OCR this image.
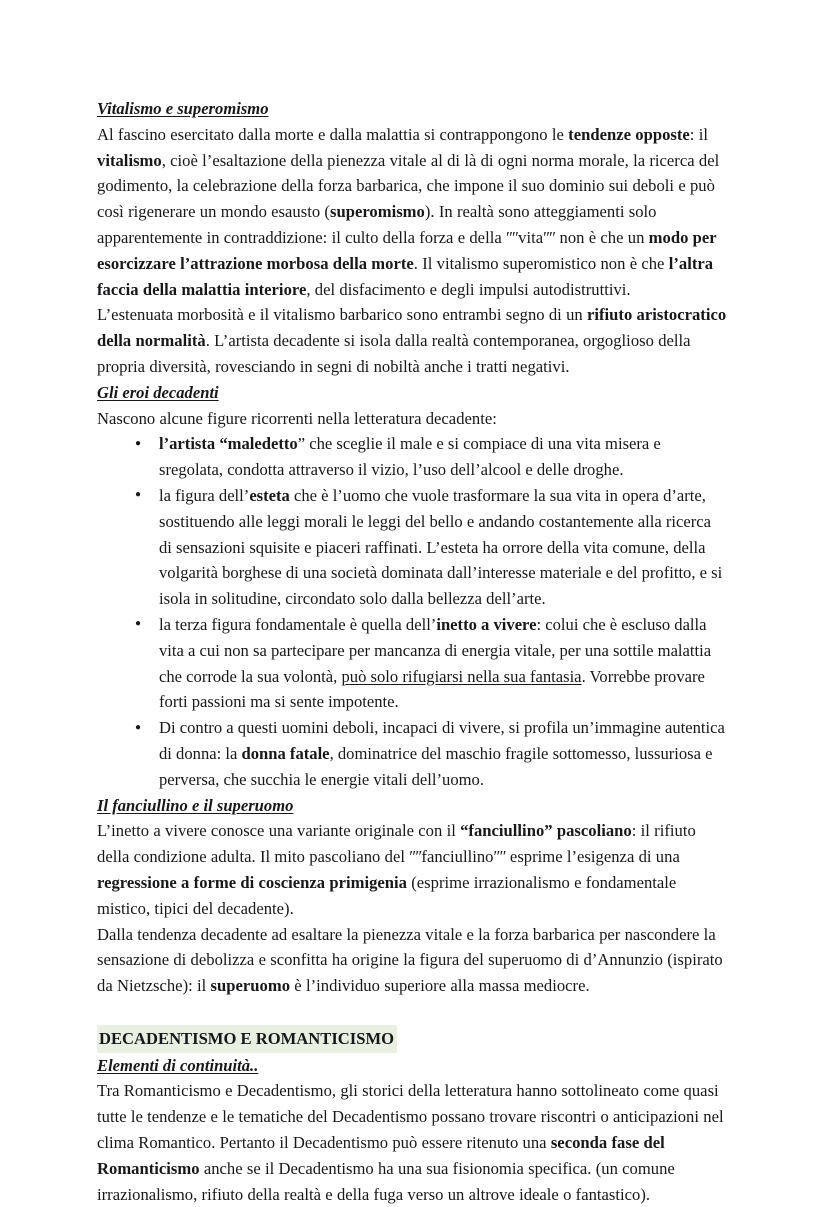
Vitalismo e superomismo

Al fascino esercitato dalla morte e dalla malattia si contrappongono le tendenze opposte: il vitalismo, cioè l’esaltazione della pienezza vitale al di là di ogni norma morale, la ricerca del godimento, la celebrazione della forza barbarica, che impone il suo dominio sui deboli e può così rigenerare un mondo esausto (superomismo). In realtà sono atteggiamenti solo apparentemente in contraddizione: il culto della forza e della ʺʺvitaʺʺ non è che un modo per esorcizzare l’attrazione morbosa della morte. Il vitalismo superomistico non è che l’altra faccia della malattia interiore, del disfacimento e degli impulsi autodistruttivi.

L’estenuata morbosità e il vitalismo barbarico sono entrambi segno di un rifiuto aristocratico della normalità. L’artista decadente si isola dalla realtà contemporanea, orgoglioso della propria diversità, rovesciando in segni di nobiltà anche i tratti negativi.

Gli eroi decadenti

Nascono alcune figure ricorrenti nella letteratura decadente:

● l’artista “maledetto” che sceglie il male e si compiace di una vita misera e sregolata, condotta attraverso il vizio, l’uso dell’alcool e delle droghe.
● la figura dell’esteta che è l’uomo che vuole trasformare la sua vita in opera d’arte, sostituendo alle leggi morali le leggi del bello e andando costantemente alla ricerca di sensazioni squisite e piaceri raffinati. L’esteta ha orrore della vita comune, della volgarità borghese di una società dominata dall’interesse materiale e del profitto, e si isola in solitudine, circondato solo dalla bellezza dell’arte.
● la terza figura fondamentale è quella dell’inetto a vivere: colui che è escluso dalla vita a cui non sa partecipare per mancanza di energia vitale, per una sottile malattia che corrode la sua volontà, può solo rifugiarsi nella sua fantasia. Vorrebbe provare forti passioni ma si sente impotente.
● Di contro a questi uomini deboli, incapaci di vivere, si profila un’immagine autentica di donna: la donna fatale, dominatrice del maschio fragile sottomesso, lussuriosa e perversa, che succhia le energie vitali dell’uomo.
Il fanciullino e il superuomo

L’inetto a vivere conosce una variante originale con il “fanciullino” pascoliano: il rifiuto della condizione adulta. Il mito pascoliano del ʺʺfanciullinoʺʺ esprime l’esigenza di una regressione a forme di coscienza primigenia (esprime irrazionalismo e fondamentale mistico, tipici del decadente).

Dalla tendenza decadente ad esaltare la pienezza vitale e la forza barbarica per nascondere la sensazione di debolizza e sconfitta ha origine la figura del superuomo di d’Annunzio (ispirato da Nietzsche): il superuomo è l’individuo superiore alla massa mediocre.

DECADENTISMO E ROMANTICISMO
Elementi di continuità..

Tra Romanticismo e Decadentismo, gli storici della letteratura hanno sottolineato come quasi tutte le tendenze e le tematiche del Decadentismo possano trovare riscontri o anticipazioni nel clima Romantico. Pertanto il Decadentismo può essere ritenuto una seconda fase del Romanticismo anche se il Decadentismo ha una sua fisionomia specifica. (un comune irrazionalismo, rifiuto della realtà e della fuga verso un altrove ideale o fantastico).
